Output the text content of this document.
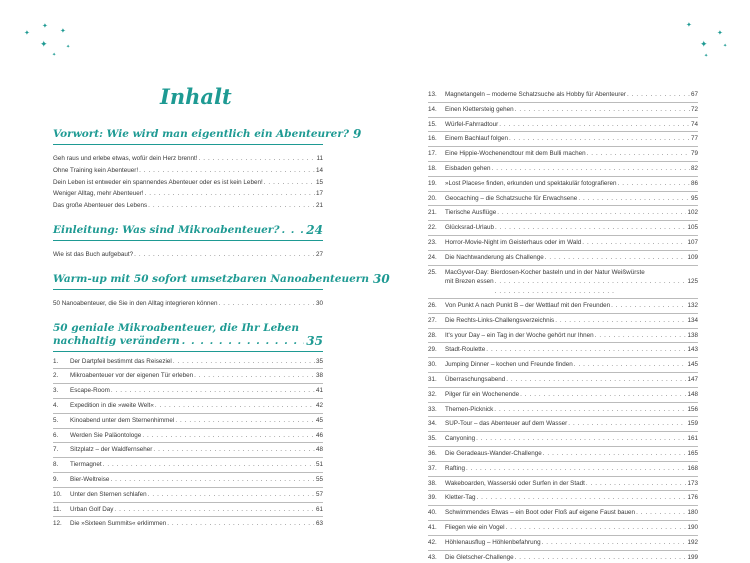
✦
✦
✦
✦
✦
✦
✦
✦
✦
✦
✦
Inhalt
Vorwort: Wie wird man eigentlich ein Abenteurer? 9
Geh raus und erlebe etwas, wofür dein Herz brennt! . . .	11
Ohne Training kein Abenteuer! . . .	14
Dein Leben ist entweder ein spannendes Abenteuer oder es ist kein Leben! . . .	15
Weniger Alltag, mehr Abenteuer! . . .	17
Das große Abenteuer des Lebens . . .	21
Einleitung: Was sind Mikroabenteuer? . . . 24
Wie ist das Buch aufgebaut? . . .	27
Warm-up mit 50 sofort umsetzbaren Nanoabenteuern 30
50 Nanoabenteuer, die Sie in den Alltag integrieren können . . .	30
50 geniale Mikroabenteuer, die Ihr Leben
nachhaltig verändern . . .	35
1.	Der Dartpfeil bestimmt das Reiseziel . . .	35
2.	Mikroabenteuer vor der eigenen Tür erleben . . .	38
3.	Escape-Room . . .	41
4.	Expedition in die »weite Welt« . . .	42
5.	Kinoabend unter dem Sternenhimmel . . .	45
6.	Werden Sie Paläontologe . . .	46
7.	Sitzplatz – der Waldfernseher . . .	48
8.	Tiermagnet . . .	51
9.	Bier-Weltreise . . .	55
10.	Unter den Sternen schlafen . . .	57
11.	Urban Golf Day . . .	61
12.	Die »Sixteen Summits« erklimmen . . .	63
13.	Magnetangeln – moderne Schatzsuche als Hobby für Abenteurer . . .	67
14.	Einen Klettersteig gehen . . .	72
15.	Würfel-Fahrradtour . . .	74
16.	Einem Bachlauf folgen . . .	77
17.	Eine Hippie-Wochenendtour mit dem Bulli machen . . .	79
18.	Eisbaden gehen . . .	82
19.	»Lost Places« finden, erkunden und spektakulär fotografieren . . .	86
20.	Geocaching – die Schatzsuche für Erwachsene . . .	95
21.	Tierische Ausflüge . . .	102
22.	Glücksrad-Urlaub . . .	105
23.	Horror-Movie-Night im Geisterhaus oder im Wald . . .	107
24.	Die Nachtwanderung als Challenge . . .	109
25.	MacGyver-Day: Bierdosen-Kocher basteln und in der Natur Weißwürste
mit Brezen essen . . .	125
26.	Von Punkt A nach Punkt B – der Wettlauf mit den Freunden . . .	132
27.	Die Rechts-Links-Challengsverzeichnis . . .	134
28.	It's your Day – ein Tag in der Woche gehört nur Ihnen . . .	138
29.	Stadt-Roulette . . .	143
30.	Jumping Dinner – kochen und Freunde finden . . .	145
31.	Überraschungsabend . . .	147
32.	Pilger für ein Wochenende . . .	148
33.	Themen-Picknick . . .	156
34.	SUP-Tour – das Abenteuer auf dem Wasser . . .	159
35.	Canyoning . . .	161
36.	Die Geradeaus-Wander-Challenge . . .	165
37.	Rafting . . .	168
38.	Wakeboarden, Wasserski oder Surfen in der Stadt . . .	173
39.	Kletter-Tag . . .	176
40.	Schwimmendes Etwas – ein Boot oder Floß auf eigene Faust bauen . . .	180
41.	Fliegen wie ein Vogel . . .	190
42.	Höhlenausflug – Höhlenbefahrung . . .	192
43.	Die Gletscher-Challenge . . .	199
